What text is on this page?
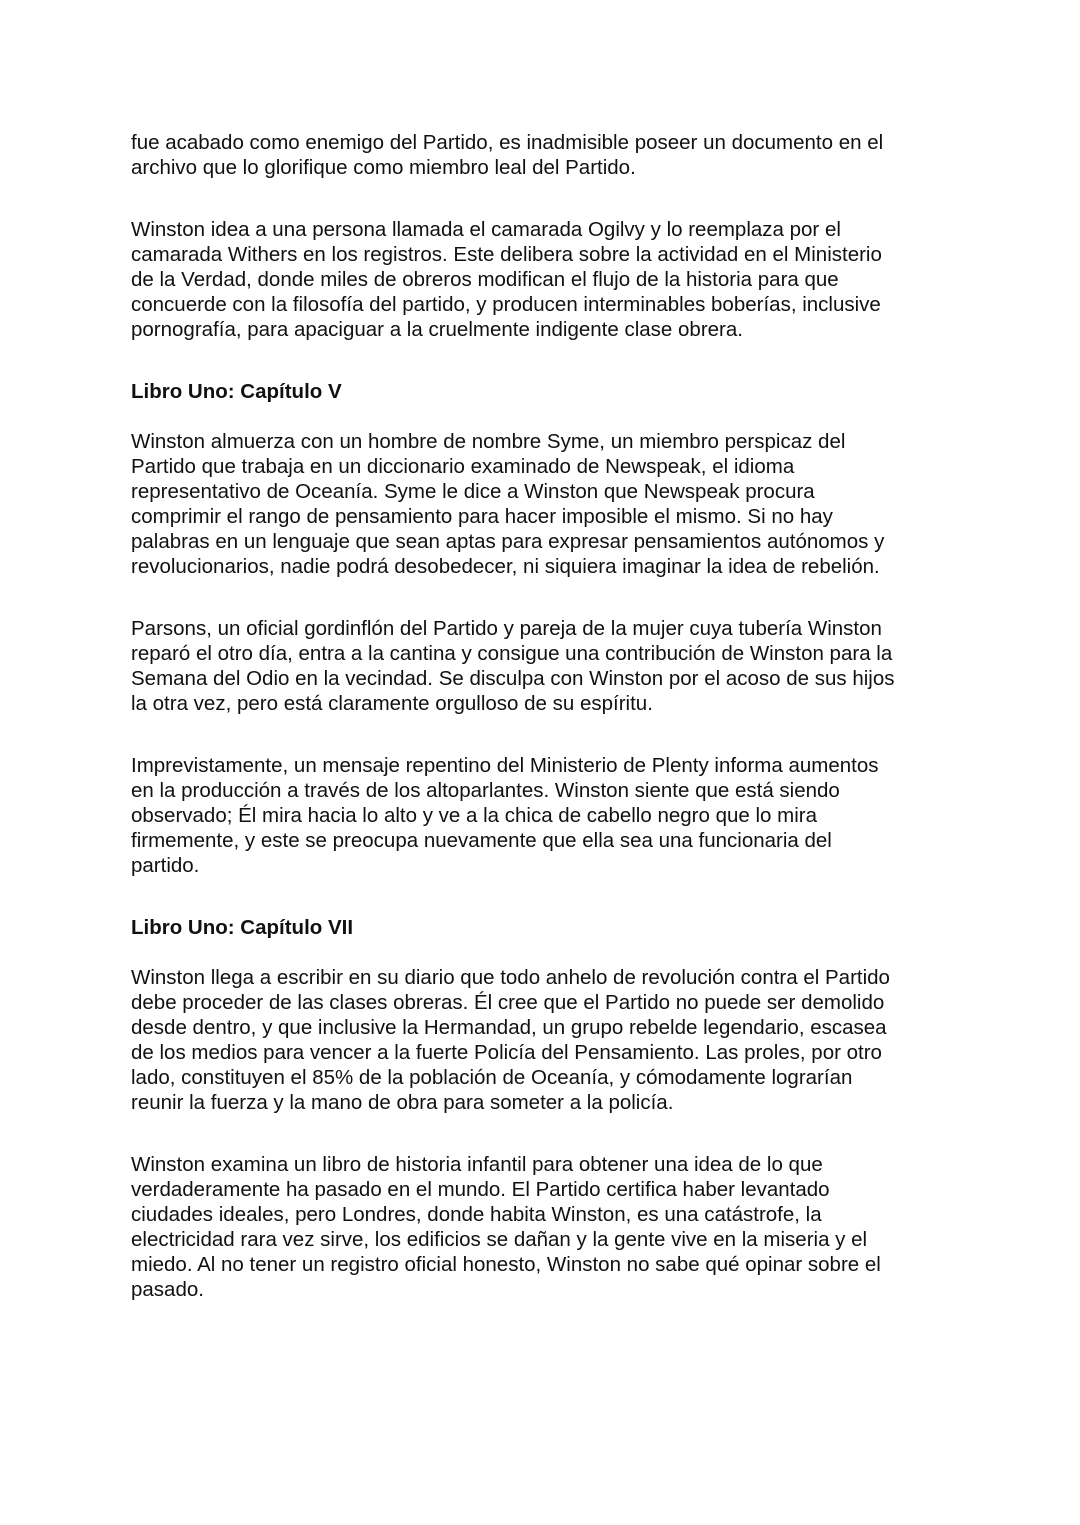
fue acabado como enemigo del Partido, es inadmisible poseer un documento en el
archivo que lo glorifique como miembro leal del Partido.

Winston idea a una persona llamada el camarada Ogilvy y lo reemplaza por el
camarada Withers en los registros. Este delibera sobre la actividad en el Ministerio
de la Verdad, donde miles de obreros modifican el flujo de la historia para que
concuerde con la filosofía del partido, y producen interminables boberías, inclusive
pornografía, para apaciguar a la cruelmente indigente clase obrera.

Libro Uno: Capítulo V

Winston almuerza con un hombre de nombre Syme, un miembro perspicaz del
Partido que trabaja en un diccionario examinado de Newspeak, el idioma
representativo de Oceanía. Syme le dice a Winston que Newspeak procura
comprimir el rango de pensamiento para hacer imposible el mismo. Si no hay
palabras en un lenguaje que sean aptas para expresar pensamientos autónomos y
revolucionarios, nadie podrá desobedecer, ni siquiera imaginar la idea de rebelión.

Parsons, un oficial gordinflón del Partido y pareja de la mujer cuya tubería Winston
reparó el otro día, entra a la cantina y consigue una contribución de Winston para la
Semana del Odio en la vecindad. Se disculpa con Winston por el acoso de sus hijos
la otra vez, pero está claramente orgulloso de su espíritu.

Imprevistamente, un mensaje repentino del Ministerio de Plenty informa aumentos
en la producción a través de los altoparlantes. Winston siente que está siendo
observado; Él mira hacia lo alto y ve a la chica de cabello negro que lo mira
firmemente, y este se preocupa nuevamente que ella sea una funcionaria del
partido.

Libro Uno: Capítulo VII

Winston llega a escribir en su diario que todo anhelo de revolución contra el Partido
debe proceder de las clases obreras. Él cree que el Partido no puede ser demolido
desde dentro, y que inclusive la Hermandad, un grupo rebelde legendario, escasea
de los medios para vencer a la fuerte Policía del Pensamiento. Las proles, por otro
lado, constituyen el 85% de la población de Oceanía, y cómodamente lograrían
reunir la fuerza y la mano de obra para someter a la policía.

Winston examina un libro de historia infantil para obtener una idea de lo que
verdaderamente ha pasado en el mundo. El Partido certifica haber levantado
ciudades ideales, pero Londres, donde habita Winston, es una catástrofe, la
electricidad rara vez sirve, los edificios se dañan y la gente vive en la miseria y el
miedo. Al no tener un registro oficial honesto, Winston no sabe qué opinar sobre el
pasado.
